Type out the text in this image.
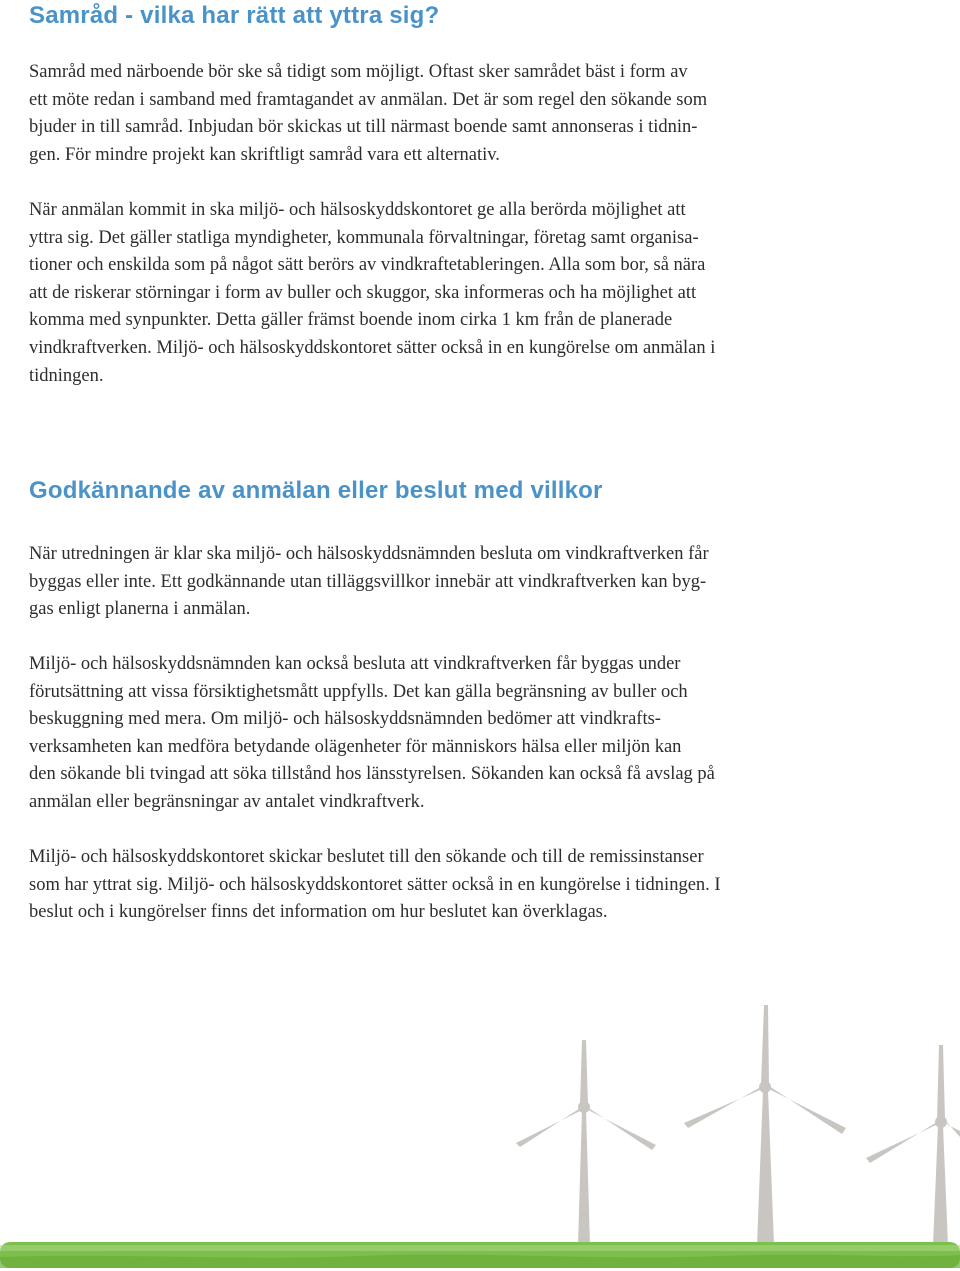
Samråd - vilka har rätt att yttra sig?

Samråd med närboende bör ske så tidigt som möjligt. Oftast sker samrådet bäst i form av
ett möte redan i samband med framtagandet av anmälan. Det är som regel den sökande som
bjuder in till samråd. Inbjudan bör skickas ut till närmast boende samt annonseras i tidnin-
gen. För mindre projekt kan skriftligt samråd vara ett alternativ.

När anmälan kommit in ska miljö- och hälsoskyddskontoret ge alla berörda möjlighet att
yttra sig. Det gäller statliga myndigheter, kommunala förvaltningar, företag samt organisa-
tioner och enskilda som på något sätt berörs av vindkraftetableringen. Alla som bor, så nära
att de riskerar störningar i form av buller och skuggor, ska informeras och ha möjlighet att
komma med synpunkter. Detta gäller främst boende inom cirka 1 km från de planerade
vindkraftverken. Miljö- och hälsoskyddskontoret sätter också in en kungörelse om anmälan i
tidningen.

Godkännande av anmälan eller beslut med villkor

När utredningen är klar ska miljö- och hälsoskyddsnämnden besluta om vindkraftverken får
byggas eller inte. Ett godkännande utan tilläggsvillkor innebär att vindkraftverken kan byg-
gas enligt planerna i anmälan.

Miljö- och hälsoskyddsnämnden kan också besluta att vindkraftverken får byggas under
förutsättning att vissa försiktighetsmått uppfylls. Det kan gälla begränsning av buller och
beskuggning med mera. Om miljö- och hälsoskyddsnämnden bedömer att vindkrafts-
verksamheten kan medföra betydande olägenheter för människors hälsa eller miljön kan
den sökande bli tvingad att söka tillstånd hos länsstyrelsen. Sökanden kan också få avslag på
anmälan eller begränsningar av antalet vindkraftverk.

Miljö- och hälsoskyddskontoret skickar beslutet till den sökande och till de remissinstanser
som har yttrat sig. Miljö- och hälsoskyddskontoret sätter också in en kungörelse i tidningen. I
beslut och i kungörelser finns det information om hur beslutet kan överklagas.
